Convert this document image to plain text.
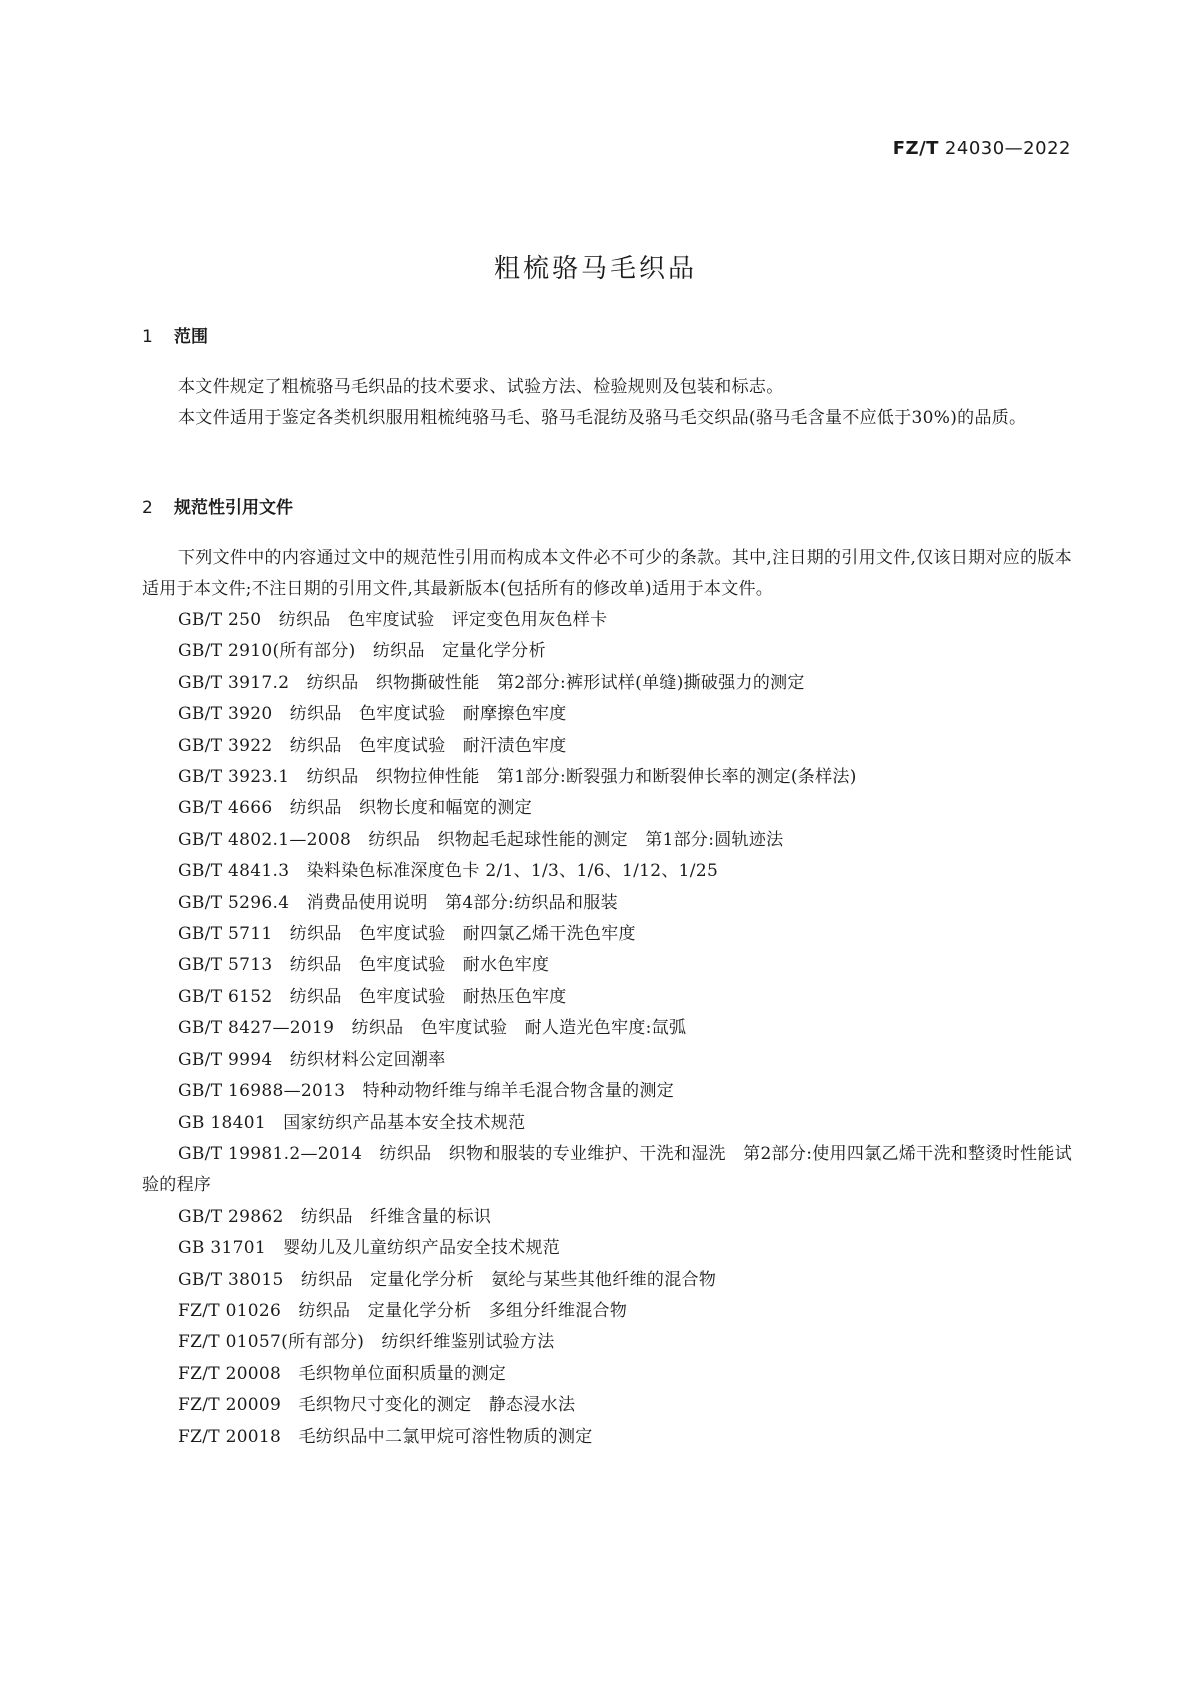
FZ/T 24030—2022
粗梳骆马毛织品
1 范围

本文件规定了粗梳骆马毛织品的技术要求、试验方法、检验规则及包装和标志。

本文件适用于鉴定各类机织服用粗梳纯骆马毛、骆马毛混纺及骆马毛交织品(骆马毛含量不应低于30%)的品质。

2 规范性引用文件

下列文件中的内容通过文中的规范性引用而构成本文件必不可少的条款。其中,注日期的引用文件,仅该日期对应的版本适用于本文件;不注日期的引用文件,其最新版本(包括所有的修改单)适用于本文件。

GB/T 250　纺织品　色牢度试验　评定变色用灰色样卡
GB/T 2910(所有部分)　纺织品　定量化学分析
GB/T 3917.2　纺织品　织物撕破性能　第2部分:裤形试样(单缝)撕破强力的测定
GB/T 3920　纺织品　色牢度试验　耐摩擦色牢度
GB/T 3922　纺织品　色牢度试验　耐汗渍色牢度
GB/T 3923.1　纺织品　织物拉伸性能　第1部分:断裂强力和断裂伸长率的测定(条样法)
GB/T 4666　纺织品　织物长度和幅宽的测定
GB/T 4802.1—2008　纺织品　织物起毛起球性能的测定　第1部分:圆轨迹法
GB/T 4841.3　染料染色标准深度色卡 2/1、1/3、1/6、1/12、1/25
GB/T 5296.4　消费品使用说明　第4部分:纺织品和服装
GB/T 5711　纺织品　色牢度试验　耐四氯乙烯干洗色牢度
GB/T 5713　纺织品　色牢度试验　耐水色牢度
GB/T 6152　纺织品　色牢度试验　耐热压色牢度
GB/T 8427—2019　纺织品　色牢度试验　耐人造光色牢度:氙弧
GB/T 9994　纺织材料公定回潮率
GB/T 16988—2013　特种动物纤维与绵羊毛混合物含量的测定
GB 18401　国家纺织产品基本安全技术规范
GB/T 19981.2—2014　纺织品　织物和服装的专业维护、干洗和湿洗　第2部分:使用四氯乙烯干洗和整烫时性能试验的程序
GB/T 29862　纺织品　纤维含量的标识
GB 31701　婴幼儿及儿童纺织产品安全技术规范
GB/T 38015　纺织品　定量化学分析　氨纶与某些其他纤维的混合物
FZ/T 01026　纺织品　定量化学分析　多组分纤维混合物
FZ/T 01057(所有部分)　纺织纤维鉴别试验方法
FZ/T 20008　毛织物单位面积质量的测定
FZ/T 20009　毛织物尺寸变化的测定　静态浸水法
FZ/T 20018　毛纺织品中二氯甲烷可溶性物质的测定
